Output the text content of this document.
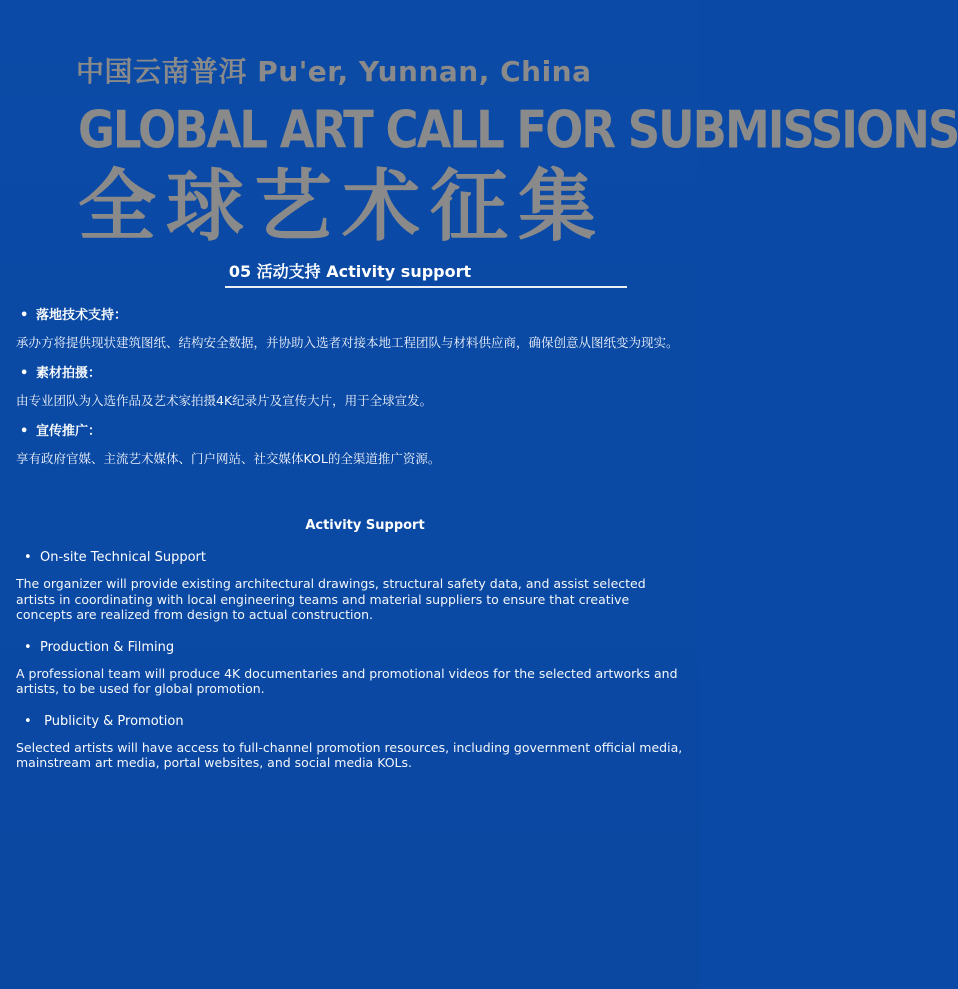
中国云南普洱 Pu'er, Yunnan, China
GLOBAL ART CALL FOR SUBMISSIONS
全球艺术征集
05 活动支持 Activity support
• 落地技术支持：
承办方将提供现状建筑图纸、结构安全数据，并协助入选者对接本地工程团队与材料供应商，确保创意从图纸变为现实。
• 素材拍摄：
由专业团队为入选作品及艺术家拍摄4K纪录片及宣传大片，用于全球宣发。
• 宣传推广：
享有政府官媒、主流艺术媒体、门户网站、社交媒体KOL的全渠道推广资源。
Activity Support
• On-site Technical Support
The organizer will provide existing architectural drawings, structural safety data, and assist selected artists in coordinating with local engineering teams and material suppliers to ensure that creative concepts are realized from design to actual construction.
• Production & Filming
A professional team will produce 4K documentaries and promotional videos for the selected artworks and artists, to be used for global promotion.
• Publicity & Promotion
Selected artists will have access to full-channel promotion resources, including government official media, mainstream art media, portal websites, and social media KOLs.
